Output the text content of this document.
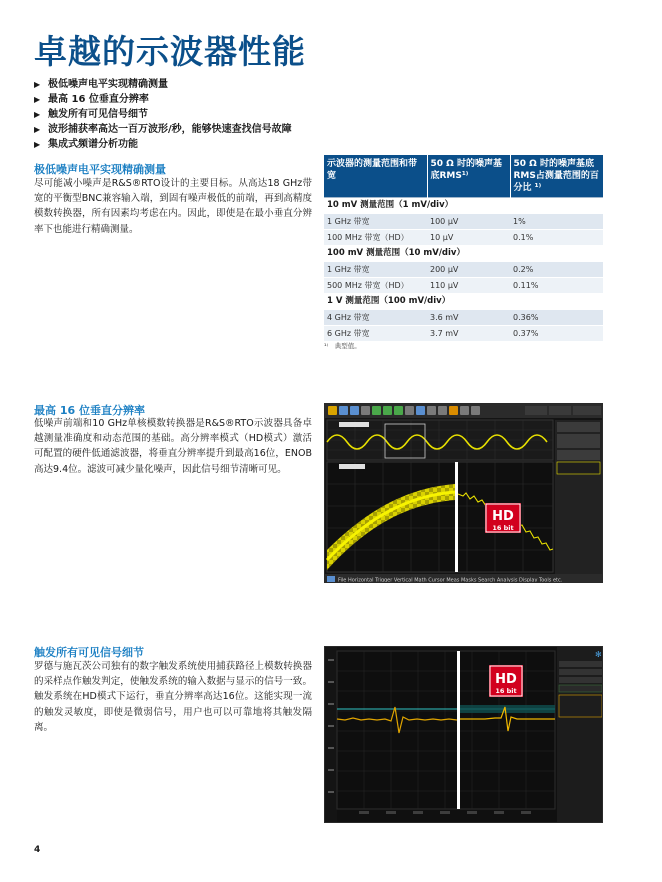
卓越的示波器性能
▶ 极低噪声电平实现精确测量
▶ 最高 16 位垂直分辨率
▶ 触发所有可见信号细节
▶ 波形捕获率高达一百万波形/秒，能够快速查找信号故障
▶ 集成式频谱分析功能
极低噪声电平实现精确测量
尽可能减小噪声是R&S®RTO设计的主要目标。从高达18 GHz带宽的平衡型BNC兼容输入端，到固有噪声极低的前端，再到高精度模数转换器，所有因素均考虑在内。因此，即使是在最小垂直分辨率下也能进行精确测量。
示波器的测量范围和带宽	50 Ω 时的噪声基底RMS¹⁾	50 Ω 时的噪声基底RMS占测量范围的百分比 ¹⁾
10 mV 测量范围（1 mV/div）		
1 GHz 带宽	100 µV	1%
100 MHz 带宽（HD）	10 µV	0.1%
100 mV 测量范围（10 mV/div）		
1 GHz 带宽	200 µV	0.2%
500 MHz 带宽（HD）	110 µV	0.11%
1 V 测量范围（100 mV/div）		
4 GHz 带宽	3.6 mV	0.36%
6 GHz 带宽	3.7 mV	0.37%
¹⁾　典型值。
最高 16 位垂直分辨率
低噪声前端和10 GHz单核模数转换器是R&S®RTO示波器具备卓越测量准确度和动态范围的基础。高分辨率模式（HD模式）激活可配置的硬件低通滤波器，将垂直分辨率提升到最高16位，ENOB高达9.4位。滤波可减少量化噪声，因此信号细节清晰可见。
HD
16 bit
File Horizontal Trigger Vertical Math Cursor Meas Masks Search Analysis Display Tools etc.
触发所有可见信号细节
罗德与施瓦茨公司独有的数字触发系统使用捕获路径上模数转换器的采样点作触发判定，使触发系统的输入数据与显示的信号一致。触发系统在HD模式下运行，垂直分辨率高达16位。这能实现一流的触发灵敏度，即使是微弱信号，用户也可以可靠地将其触发隔离。
HD
16 bit
✻
4
